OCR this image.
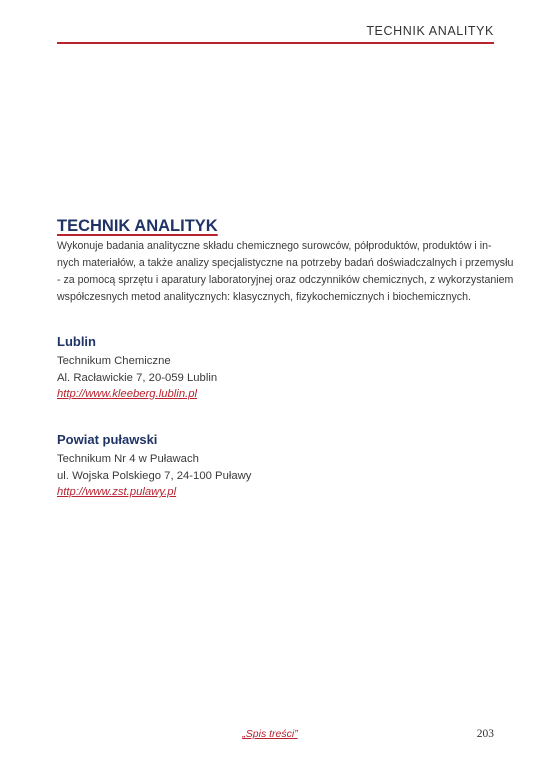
TECHNIK ANALITYK
TECHNIK ANALITYK

Wykonuje badania analityczne składu chemicznego surowców, półproduktów, produktów i in-
nych materiałów, a także analizy specjalistyczne na potrzeby badań doświadczalnych i przemysłu
- za pomocą sprzętu i aparatury laboratoryjnej oraz odczynników chemicznych, z wykorzystaniem
współczesnych metod analitycznych: klasycznych, fizykochemicznych i biochemicznych.

Lublin
Technikum Chemiczne
Al. Racławickie 7, 20-059 Lublin
http://www.kleeberg.lublin.pl
Powiat puławski
Technikum Nr 4 w Puławach
ul. Wojska Polskiego 7, 24-100 Puławy
http://www.zst.pulawy.pl
„Spis treści”	203
